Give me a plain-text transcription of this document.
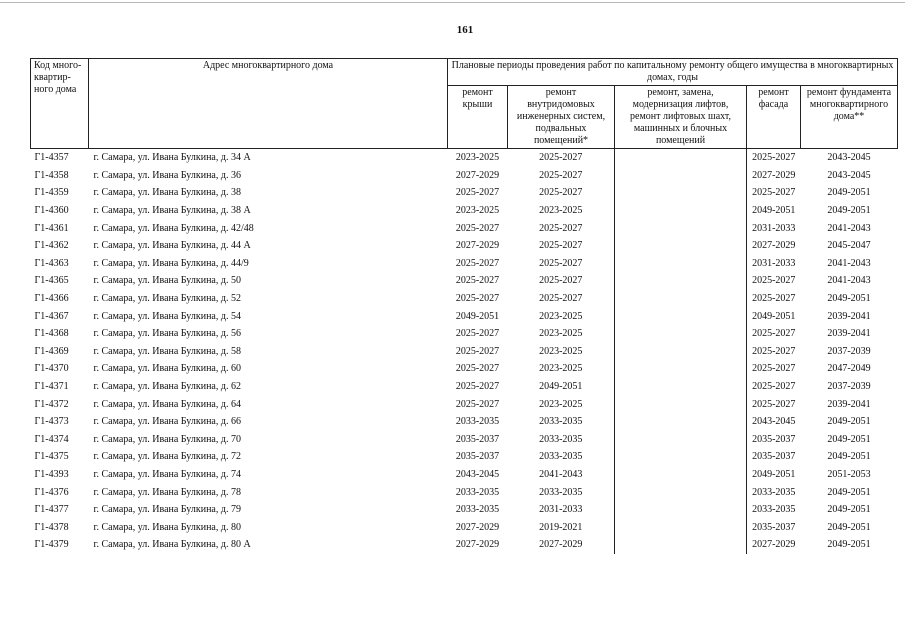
161
Код много-квартир-ного дома	Адрес многоквартирного дома	Плановые периоды проведения работ по капитальному ремонту общего имущества в многоквартирных домах, годы				
		ремонт крыши	ремонт внутридомовых инженерных систем, подвальных помещений*	ремонт, замена, модернизация лифтов, ремонт лифтовых шахт, машинных и блочных помещений	ремонт фасада	ремонт фундамента многоквартирного дома**
Г1-4357	г. Самара, ул. Ивана Булкина, д. 34 А	2023-2025	2025-2027		2025-2027	2043-2045
Г1-4358	г. Самара, ул. Ивана Булкина, д. 36	2027-2029	2025-2027		2027-2029	2043-2045
Г1-4359	г. Самара, ул. Ивана Булкина, д. 38	2025-2027	2025-2027		2025-2027	2049-2051
Г1-4360	г. Самара, ул. Ивана Булкина, д. 38 А	2023-2025	2023-2025		2049-2051	2049-2051
Г1-4361	г. Самара, ул. Ивана Булкина, д. 42/48	2025-2027	2025-2027		2031-2033	2041-2043
Г1-4362	г. Самара, ул. Ивана Булкина, д. 44 А	2027-2029	2025-2027		2027-2029	2045-2047
Г1-4363	г. Самара, ул. Ивана Булкина, д. 44/9	2025-2027	2025-2027		2031-2033	2041-2043
Г1-4365	г. Самара, ул. Ивана Булкина, д. 50	2025-2027	2025-2027		2025-2027	2041-2043
Г1-4366	г. Самара, ул. Ивана Булкина, д. 52	2025-2027	2025-2027		2025-2027	2049-2051
Г1-4367	г. Самара, ул. Ивана Булкина, д. 54	2049-2051	2023-2025		2049-2051	2039-2041
Г1-4368	г. Самара, ул. Ивана Булкина, д. 56	2025-2027	2023-2025		2025-2027	2039-2041
Г1-4369	г. Самара, ул. Ивана Булкина, д. 58	2025-2027	2023-2025		2025-2027	2037-2039
Г1-4370	г. Самара, ул. Ивана Булкина, д. 60	2025-2027	2023-2025		2025-2027	2047-2049
Г1-4371	г. Самара, ул. Ивана Булкина, д. 62	2025-2027	2049-2051		2025-2027	2037-2039
Г1-4372	г. Самара, ул. Ивана Булкина, д. 64	2025-2027	2023-2025		2025-2027	2039-2041
Г1-4373	г. Самара, ул. Ивана Булкина, д. 66	2033-2035	2033-2035		2043-2045	2049-2051
Г1-4374	г. Самара, ул. Ивана Булкина, д. 70	2035-2037	2033-2035		2035-2037	2049-2051
Г1-4375	г. Самара, ул. Ивана Булкина, д. 72	2035-2037	2033-2035		2035-2037	2049-2051
Г1-4393	г. Самара, ул. Ивана Булкина, д. 74	2043-2045	2041-2043		2049-2051	2051-2053
Г1-4376	г. Самара, ул. Ивана Булкина, д. 78	2033-2035	2033-2035		2033-2035	2049-2051
Г1-4377	г. Самара, ул. Ивана Булкина, д. 79	2033-2035	2031-2033		2033-2035	2049-2051
Г1-4378	г. Самара, ул. Ивана Булкина, д. 80	2027-2029	2019-2021		2035-2037	2049-2051
Г1-4379	г. Самара, ул. Ивана Булкина, д. 80 А	2027-2029	2027-2029		2027-2029	2049-2051
